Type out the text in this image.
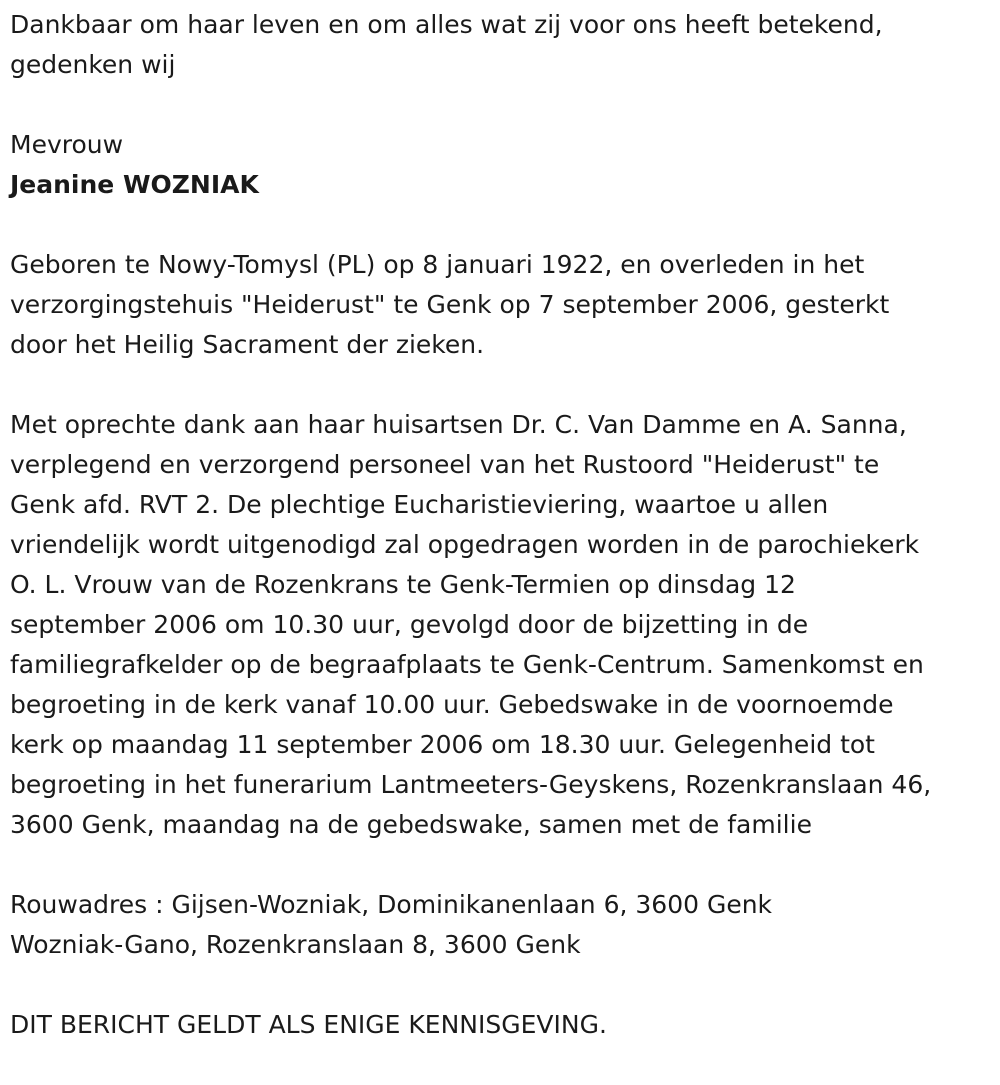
Dankbaar om haar leven en om alles wat zij voor ons heeft betekend,
gedenken wij
Mevrouw
Jeanine WOZNIAK
Geboren te Nowy-Tomysl (PL) op 8 januari 1922, en overleden in het
verzorgingstehuis "Heiderust" te Genk op 7 september 2006, gesterkt
door het Heilig Sacrament der zieken.
Met oprechte dank aan haar huisartsen Dr. C. Van Damme en A. Sanna,
verplegend en verzorgend personeel van het Rustoord "Heiderust" te
Genk afd. RVT 2. De plechtige Eucharistieviering, waartoe u allen
vriendelijk wordt uitgenodigd zal opgedragen worden in de parochiekerk
O. L. Vrouw van de Rozenkrans te Genk-Termien op dinsdag 12
september 2006 om 10.30 uur, gevolgd door de bijzetting in de
familiegrafkelder op de begraafplaats te Genk-Centrum. Samenkomst en
begroeting in de kerk vanaf 10.00 uur. Gebedswake in de voornoemde
kerk op maandag 11 september 2006 om 18.30 uur. Gelegenheid tot
begroeting in het funerarium Lantmeeters-Geyskens, Rozenkranslaan 46,
3600 Genk, maandag na de gebedswake, samen met de familie
Rouwadres : Gijsen-Wozniak, Dominikanenlaan 6, 3600 Genk
Wozniak-Gano, Rozenkranslaan 8, 3600 Genk
DIT BERICHT GELDT ALS ENIGE KENNISGEVING.
